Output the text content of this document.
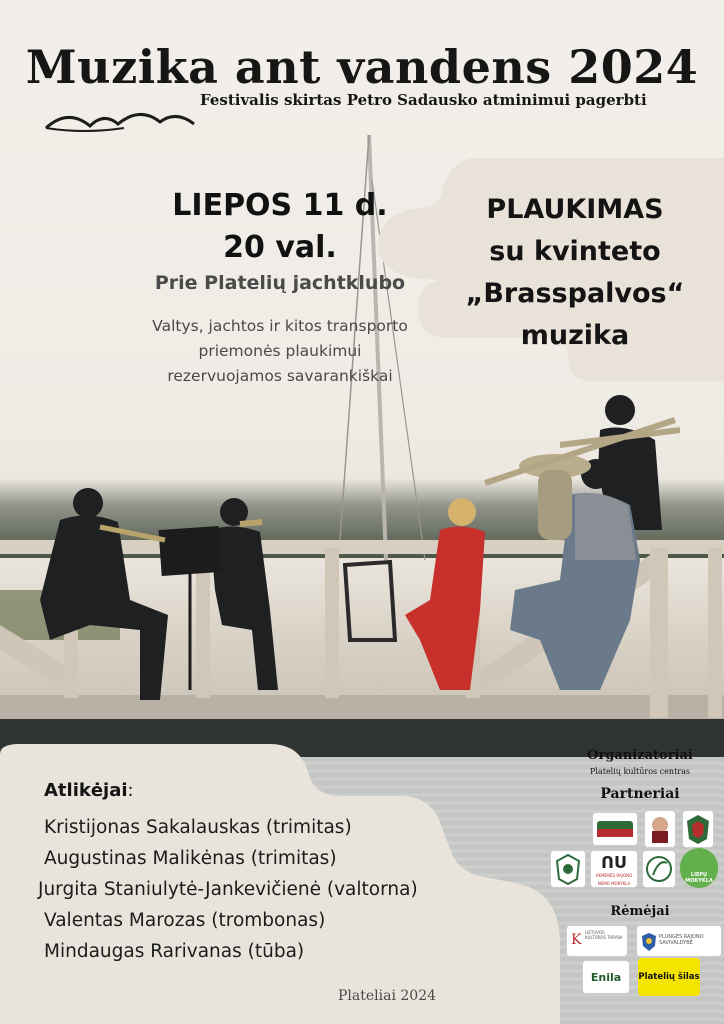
Muzika ant vandens 2024
Festivalis skirtas Petro Sadausko atminimui pagerbti
LIEPOS 11 d.
20 val.
Prie Platelių jachtklubo
Valtys, jachtos ir kitos transporto
priemonės plaukimui
rezervuojamos savarankiškai
PLAUKIMAS
su kvinteto
„Brasspalvos“
muzika
Atlikėjai:
Kristijonas Sakalauskas (trimitas)
Augustinas Malikėnas (trimitas)
Jurgita Staniulytė-Jankevičienė (valtorna)
Valentas Marozas (trombonas)
Mindaugas Rarivanas (tūba)
Plateliai 2024
Organizatoriai
Platelių kultūros centras
Partneriai
ᑎᑌ
AKMENĖS RAJONO NEMO MOKYKLA
LIEPŲ MOKYKLA
Rėmėjai
K LIETUVOS KULTŪROS TARYBA	PLUNGĖS RAJONO SAVIVALDYBĖ
Enila	Platelių šilas
